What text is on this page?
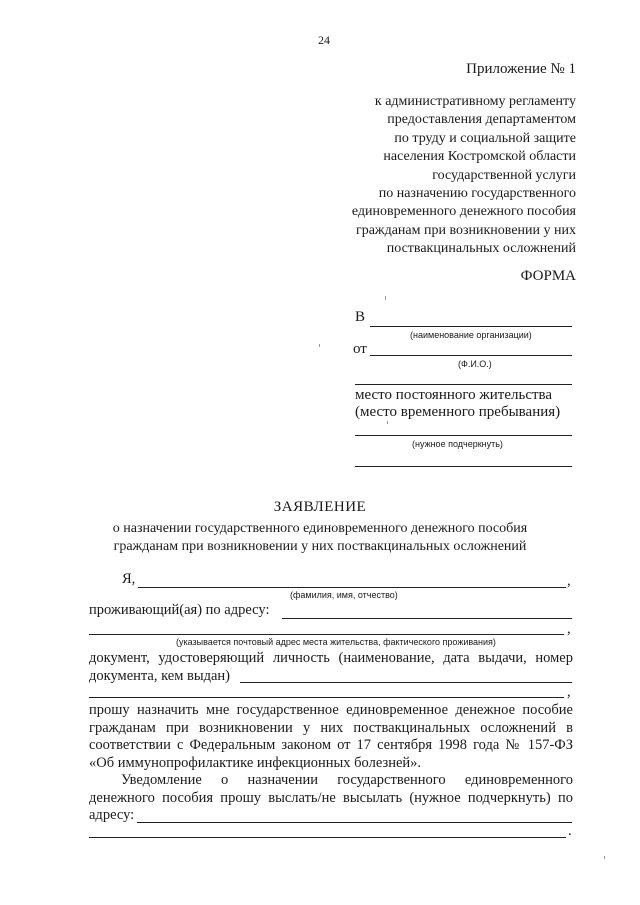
24
Приложение № 1
к административному регламенту
предоставления департаментом
по труду и социальной защите
населения Костромской области
государственной услуги
по назначению государственного
единовременного денежного пособия
гражданам при возникновении у них
поствакцинальных осложнений
ФОРМА
В
(наименование организации)
от
(Ф.И.О.)
место постоянного жительства
(место временного пребывания)
(нужное подчеркнуть)
ЗАЯВЛЕНИЕ
о назначении государственного единовременного денежного пособия
гражданам при возникновении у них поствакцинальных осложнений
Я,	,
(фамилия, имя, отчество)
проживающий(ая) по адресу:
,
(указывается почтовый адрес места жительства, фактического проживания)
документ, удостоверяющий личность (наименование, дата выдачи, номер
документа, кем выдан)
,
прошу назначить мне государственное единовременное денежное пособие
гражданам при возникновении у них поствакцинальных осложнений в
соответствии с Федеральным законом от 17 сентября 1998 года № 157-ФЗ
«Об иммунопрофилактике инфекционных болезней».
Уведомление о назначении государственного единовременного
денежного пособия прошу выслать/не высылать (нужное подчеркнуть) по
адресу:
.
